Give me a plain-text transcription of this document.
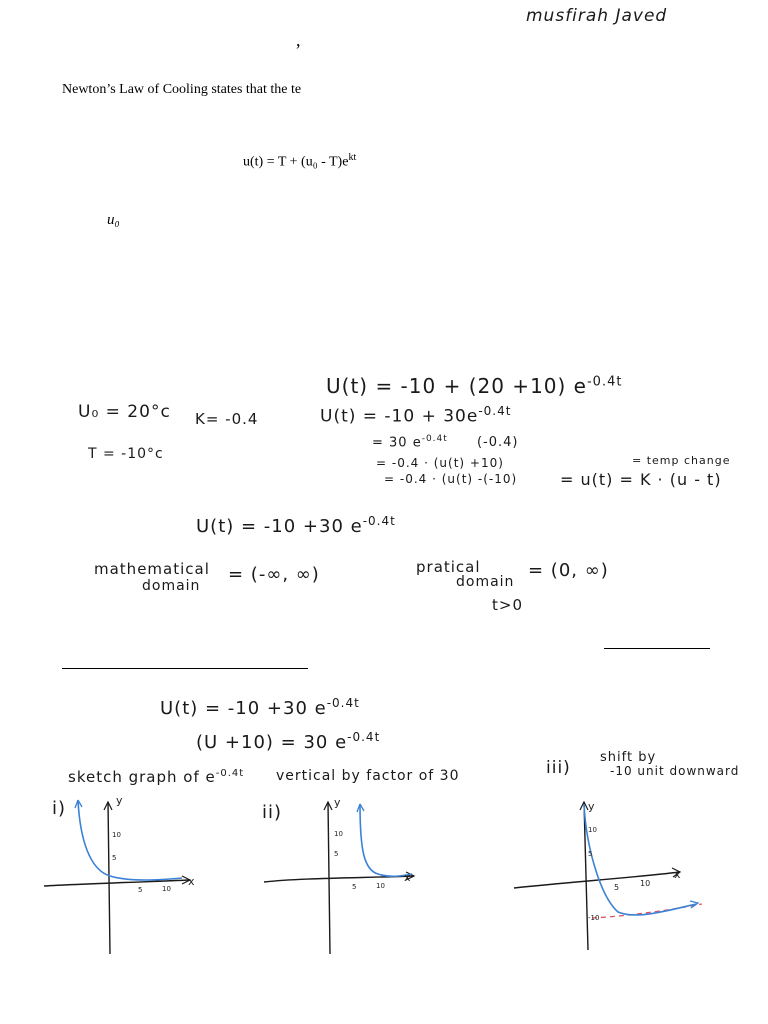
musfirah Javed
,
Newton’s Law of Cooling states that the te
$u(t) = T + (u_0 - T)e^{kt}$
u₀
U₀ = 20°c
T = -10°c
K= -0.4
U(t) = -10 + (20 +10) $e^{-0.4t}$
$U(t) = -10 + 30e^{-0.4t}$
= 30 $e^{-0.4t}$ (-0.4)
= -0.4 · (u(t) +10)
= -0.4 · (u(t) -(-10)
= temp change
= u(t) = K · (u - t)
U(t) = -10 +30 $e^{-0.4t}$
mathematical
domain
= (-∞, ∞)	pratical
domain
= (0, ∞)
t>0
U(t) = -10 +30 $e^{-0.4t}$
(U +10) = 30 $e^{-0.4t}$
sketch graph of $e^{-0.4t}$ vertical by factor of 30	iii)
shift by
-10 unit downward
i)	ii)
y
x
10
5
5	10
y
x
10
5
5	10
y
x
10
5
5	10
-10
